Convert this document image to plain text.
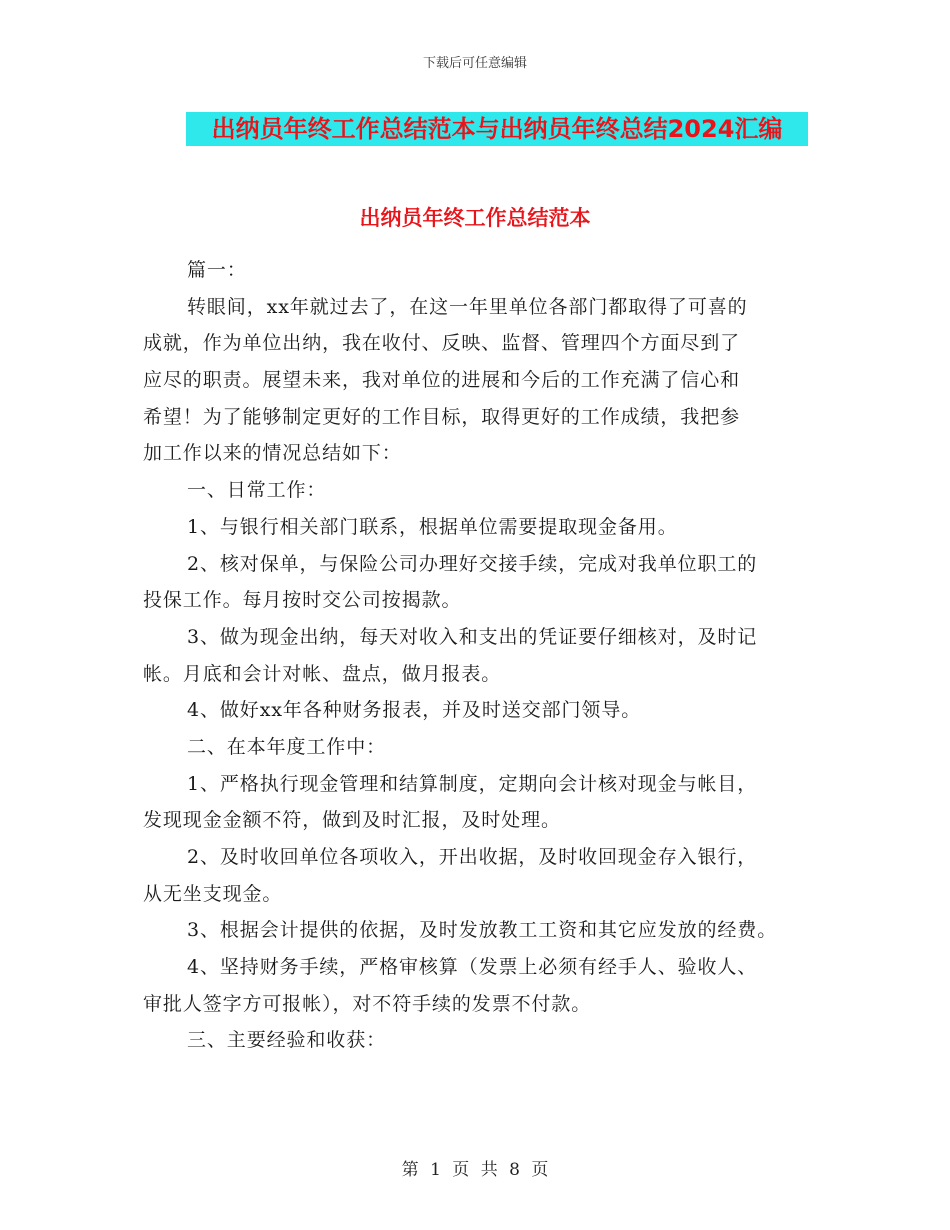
下载后可任意编辑
出纳员年终工作总结范本与出纳员年终总结2024汇编
出纳员年终工作总结范本
篇一：
转眼间，xx年就过去了，在这一年里单位各部门都取得了可喜的
成就，作为单位出纳，我在收付、反映、监督、管理四个方面尽到了
应尽的职责。展望未来，我对单位的进展和今后的工作充满了信心和
希望！为了能够制定更好的工作目标，取得更好的工作成绩，我把参
加工作以来的情况总结如下：
一、日常工作：
1、与银行相关部门联系，根据单位需要提取现金备用。
2、核对保单，与保险公司办理好交接手续，完成对我单位职工的
投保工作。每月按时交公司按揭款。
3、做为现金出纳，每天对收入和支出的凭证要仔细核对，及时记
帐。月底和会计对帐、盘点，做月报表。
4、做好xx年各种财务报表，并及时送交部门领导。
二、在本年度工作中：
1、严格执行现金管理和结算制度，定期向会计核对现金与帐目，
发现现金金额不符，做到及时汇报，及时处理。
2、及时收回单位各项收入，开出收据，及时收回现金存入银行，
从无坐支现金。
3、根据会计提供的依据，及时发放教工工资和其它应发放的经费。
4、坚持财务手续，严格审核算（发票上必须有经手人、验收人、
审批人签字方可报帐），对不符手续的发票不付款。
三、主要经验和收获：
第 1 页 共 8 页
